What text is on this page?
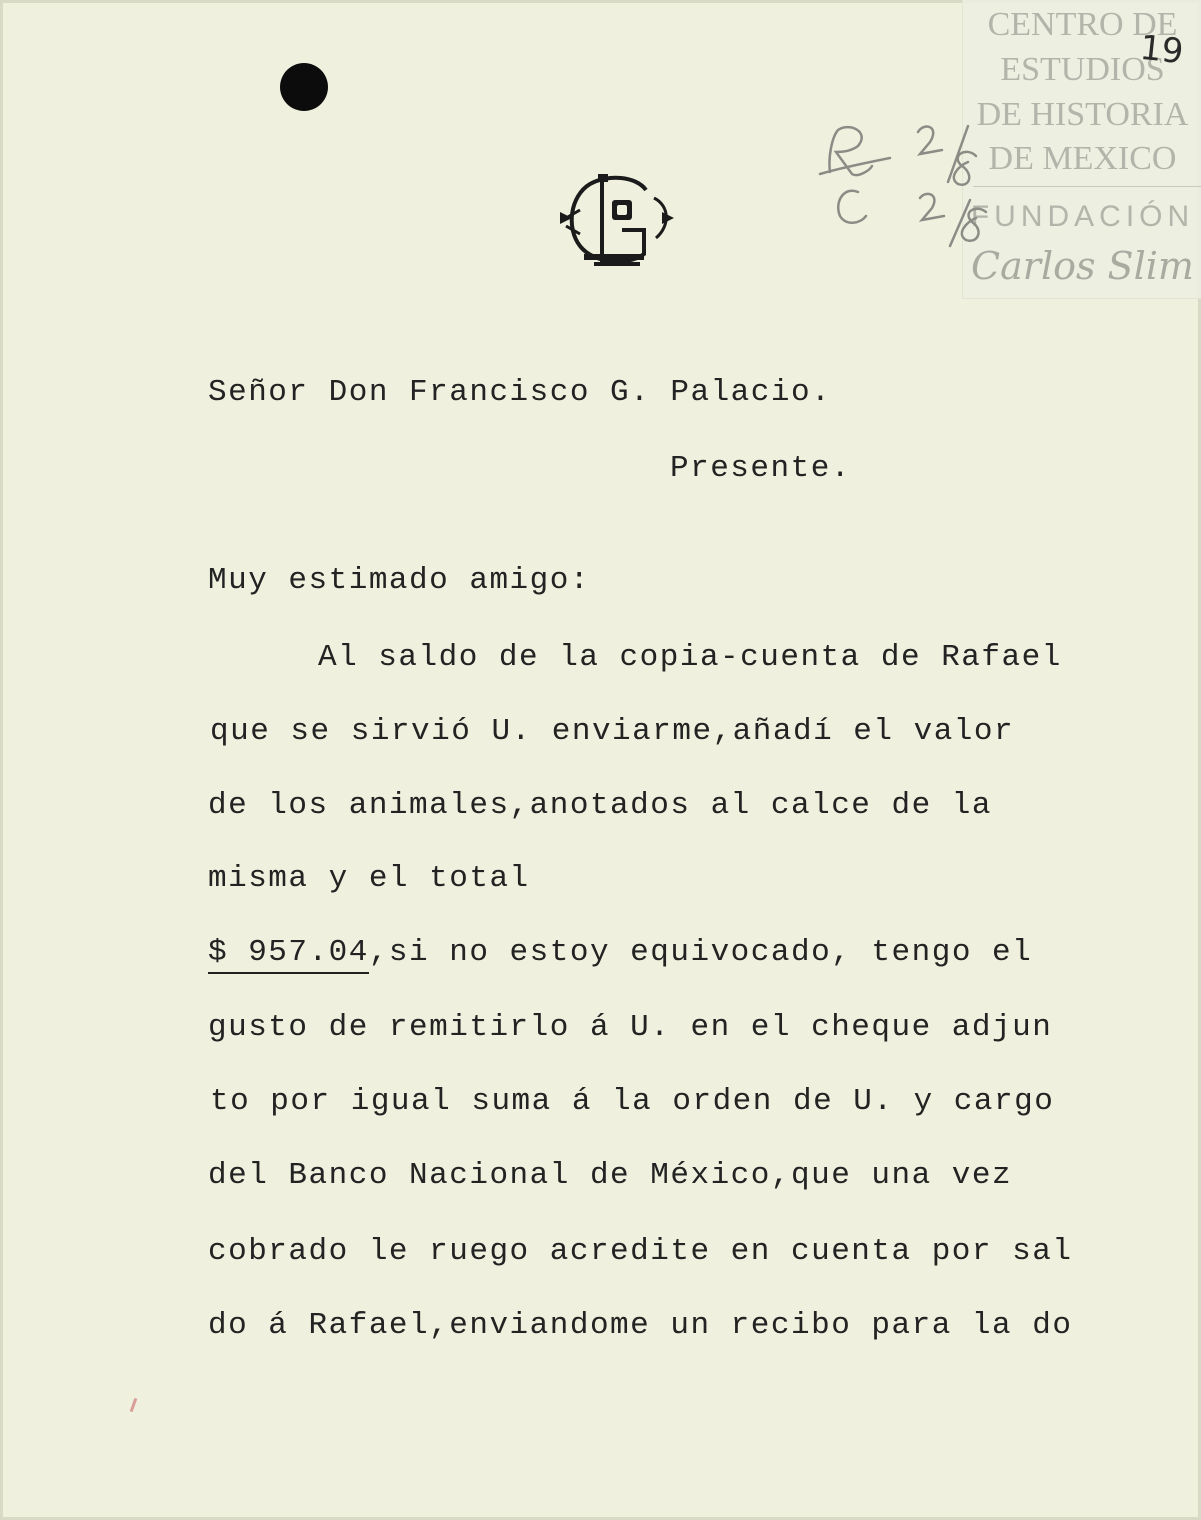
CENTRO DE
ESTUDIOS
DE HISTORIA
DE MEXICO
FUNDACIÓN
Carlos Slim
19
Señor Don Francisco G. Palacio.
Presente.
Muy estimado amigo:
Al saldo de la copia-cuenta de Rafael
que se sirvió U. enviarme,añadí el valor
de los animales,anotados al calce de la
misma y el total
$ 957.04,si no estoy equivocado, tengo el
gusto de remitirlo á U. en el cheque adjun
to por igual suma á la orden de U. y cargo
del Banco Nacional de México,que una vez
cobrado le ruego acredite en cuenta por sal
do á Rafael,enviandome un recibo para la do
